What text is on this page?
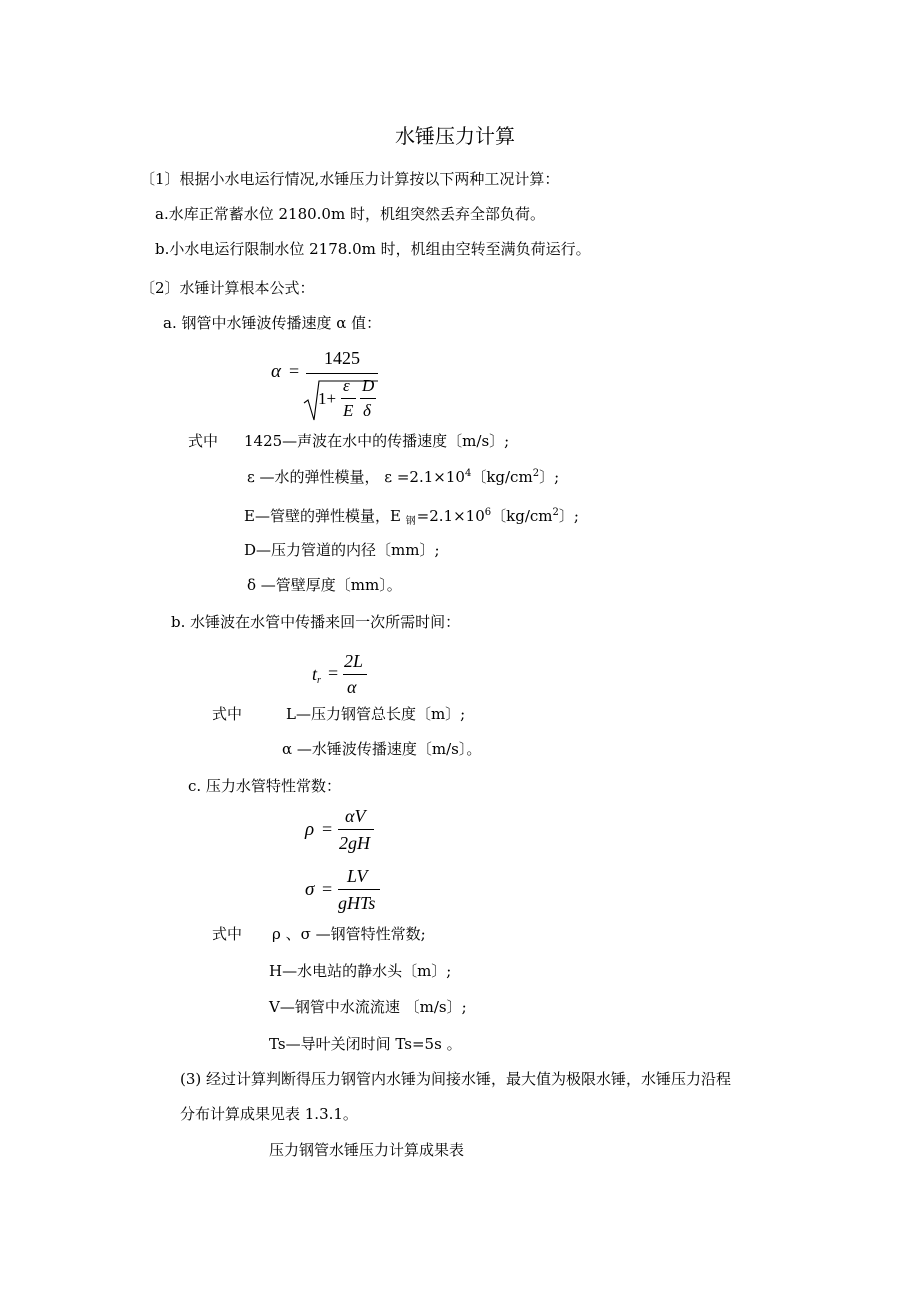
水锤压力计算
〔1〕根据小水电运行情况,水锤压力计算按以下两种工况计算：
a.水库正常蓄水位 2180.0m 时，机组突然丢弃全部负荷。
b.小水电运行限制水位 2178.0m 时，机组由空转至满负荷运行。
〔2〕水锤计算根本公式：
a. 钢管中水锤波传播速度 α 值：
α =
1425
1+
ε
E
D
δ
式中 1425—声波在水中的传播速度〔m/s〕;
ε —水的弹性模量， $\varepsilon =2.1\times 10^4$〔$kg/cm^2$〕;
E—管壁的弹性模量，E $_钢=2.1\times 10^6$〔$kg/cm^2$〕;
D—压力管道的内径〔mm〕;
δ —管壁厚度〔mm〕。
b. 水锤波在水管中传播来回一次所需时间：
tr =
2L
α
式中	L—压力钢管总长度〔m〕;
α —水锤波传播速度〔m/s〕。
c. 压力水管特性常数：
ρ =
αV
2gH
σ =
LV
gHTs
式中 ρ 、σ —钢管特性常数;
H—水电站的静水头〔m〕;
V—钢管中水流流速 〔m/s〕;
Ts—导叶关闭时间 Ts=5s 。
(3) 经过计算判断得压力钢管内水锤为间接水锤，最大值为极限水锤，水锤压力沿程
分布计算成果见表 1.3.1。
压力钢管水锤压力计算成果表
